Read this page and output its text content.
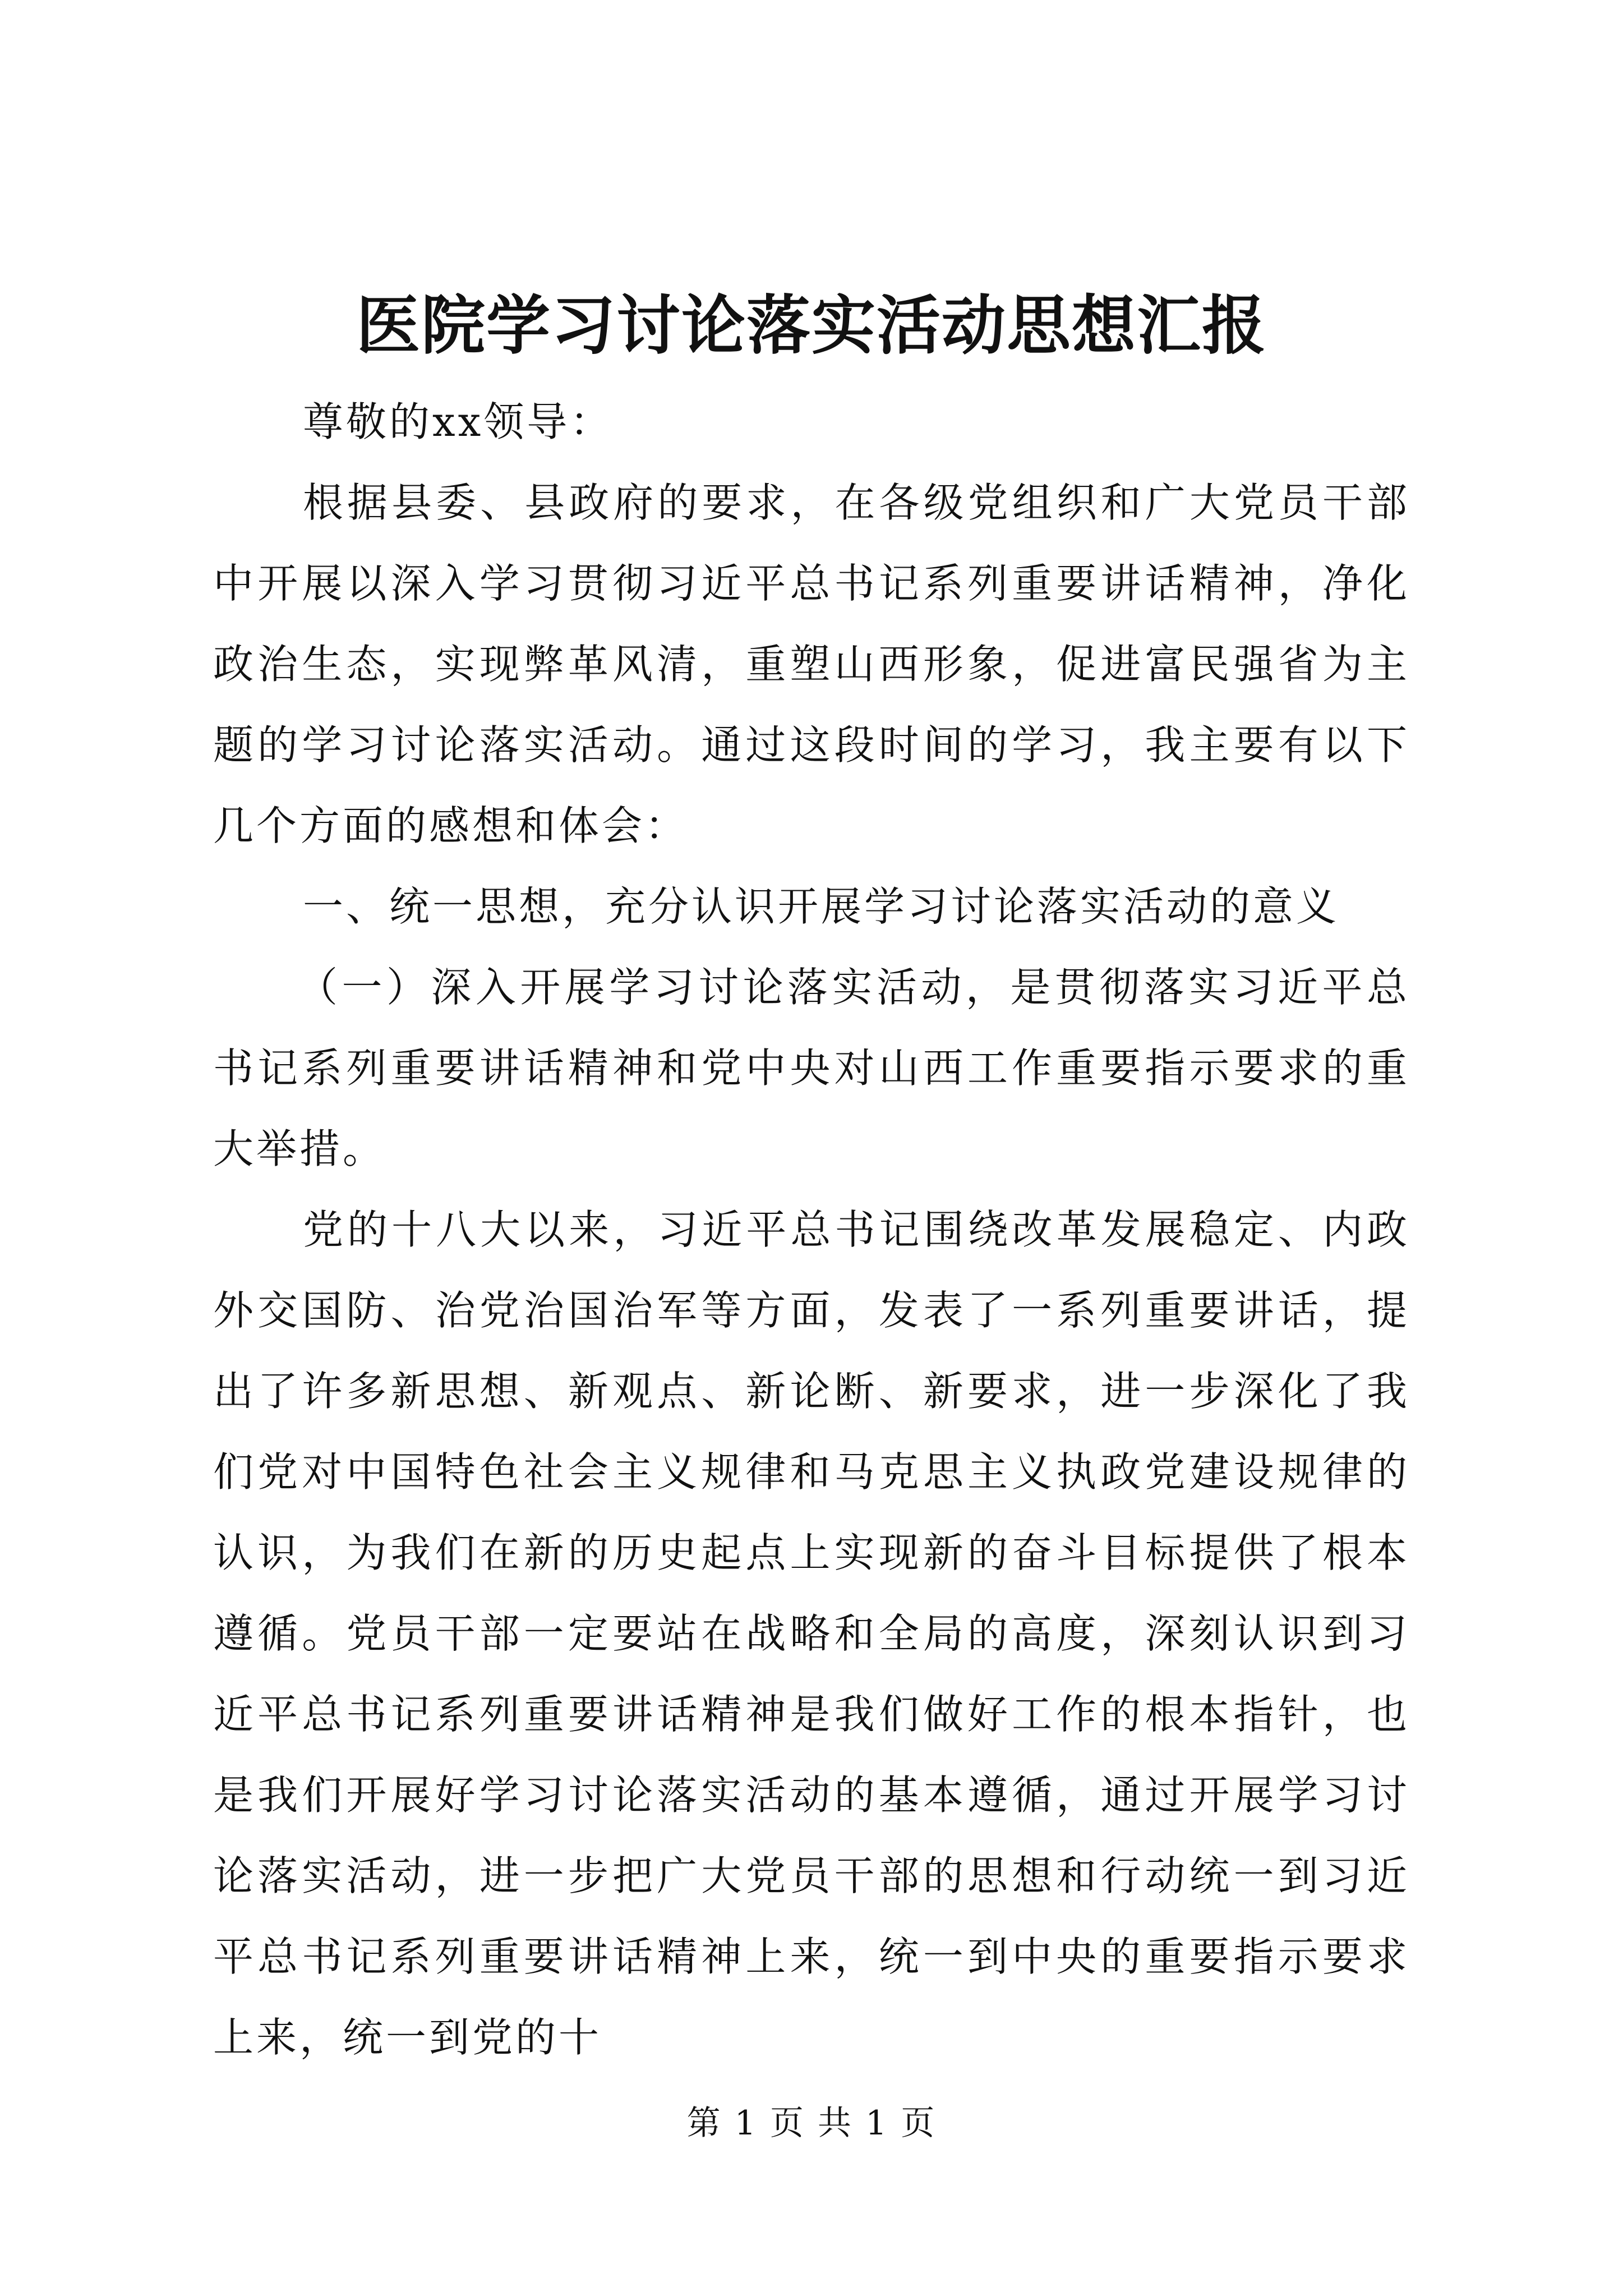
医院学习讨论落实活动思想汇报

尊敬的xx领导：

根据县委、县政府的要求，在各级党组织和广大党员干部中开展以深入学习贯彻习近平总书记系列重要讲话精神，净化政治生态，实现弊革风清，重塑山西形象，促进富民强省为主题的学习讨论落实活动。通过这段时间的学习，我主要有以下几个方面的感想和体会：

一、统一思想，充分认识开展学习讨论落实活动的意义

（一）深入开展学习讨论落实活动，是贯彻落实习近平总书记系列重要讲话精神和党中央对山西工作重要指示要求的重大举措。

党的十八大以来，习近平总书记围绕改革发展稳定、内政外交国防、治党治国治军等方面，发表了一系列重要讲话，提出了许多新思想、新观点、新论断、新要求，进一步深化了我们党对中国特色社会主义规律和马克思主义执政党建设规律的认识，为我们在新的历史起点上实现新的奋斗目标提供了根本遵循。党员干部一定要站在战略和全局的高度，深刻认识到习近平总书记系列重要讲话精神是我们做好工作的根本指针，也是我们开展好学习讨论落实活动的基本遵循，通过开展学习讨论落实活动，进一步把广大党员干部的思想和行动统一到习近平总书记系列重要讲话精神上来，统一到中央的重要指示要求上来，统一到党的十

第 1 页 共 1 页
